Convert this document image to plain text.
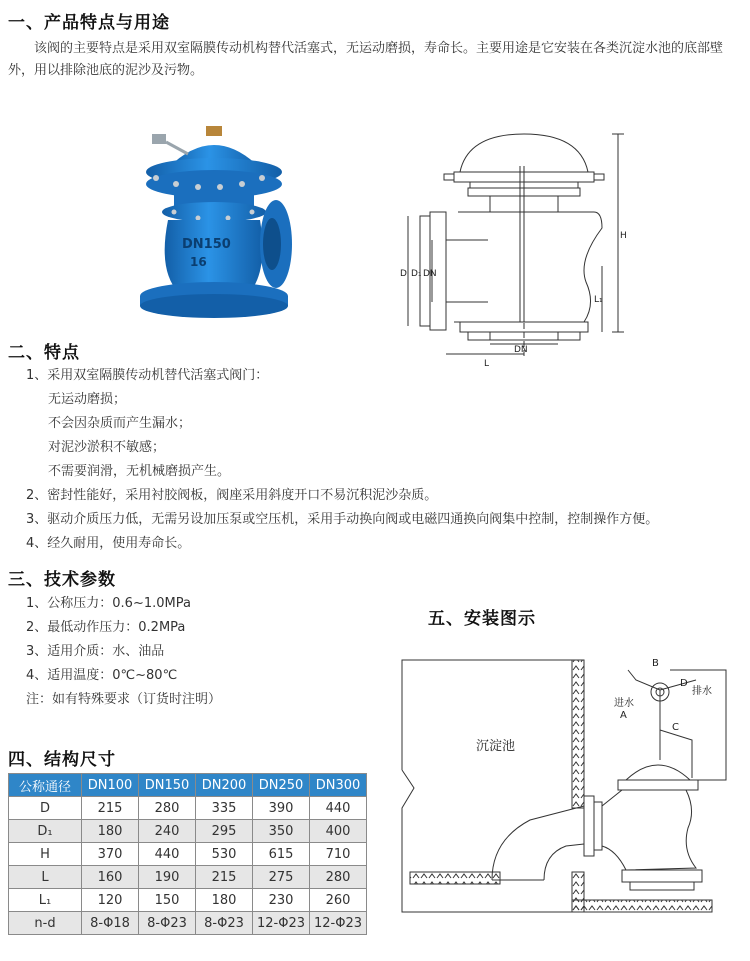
一、产品特点与用途
该阀的主要特点是采用双室隔膜传动机构替代活塞式，无运动磨损，寿命长。主要用途是它安装在各类沉淀水池的底部壁外，用以排除池底的泥沙及污物。
DN150
16
D D₁ DN
H
L₁
DN
L
二、特点
1、采用双室隔膜传动机替代活塞式阀门：
无运动磨损；
不会因杂质而产生漏水；
对泥沙淤积不敏感；
不需要润滑，无机械磨损产生。
2、密封性能好，采用衬胶阀板，阀座采用斜度开口不易沉积泥沙杂质。
3、驱动介质压力低，无需另设加压泵或空压机，采用手动换向阀或电磁四通换向阀集中控制，控制操作方便。
4、经久耐用，使用寿命长。
三、技术参数
1、公称压力：0.6~1.0MPa
2、最低动作压力：0.2MPa
3、适用介质：水、油品
4、适用温度：0℃~80℃
注：如有特殊要求（订货时注明）
四、结构尺寸
公称通径	DN100	DN150	DN200	DN250	DN300
D	215	280	335	390	440
D₁	180	240	295	350	400
H	370	440	530	615	710
L	160	190	215	275	280
L₁	120	150	180	230	260
n-d	8-Φ18	8-Φ23	8-Φ23	12-Φ23	12-Φ23
五、安装图示
沉淀池
B
D
排水
进水
A
C
